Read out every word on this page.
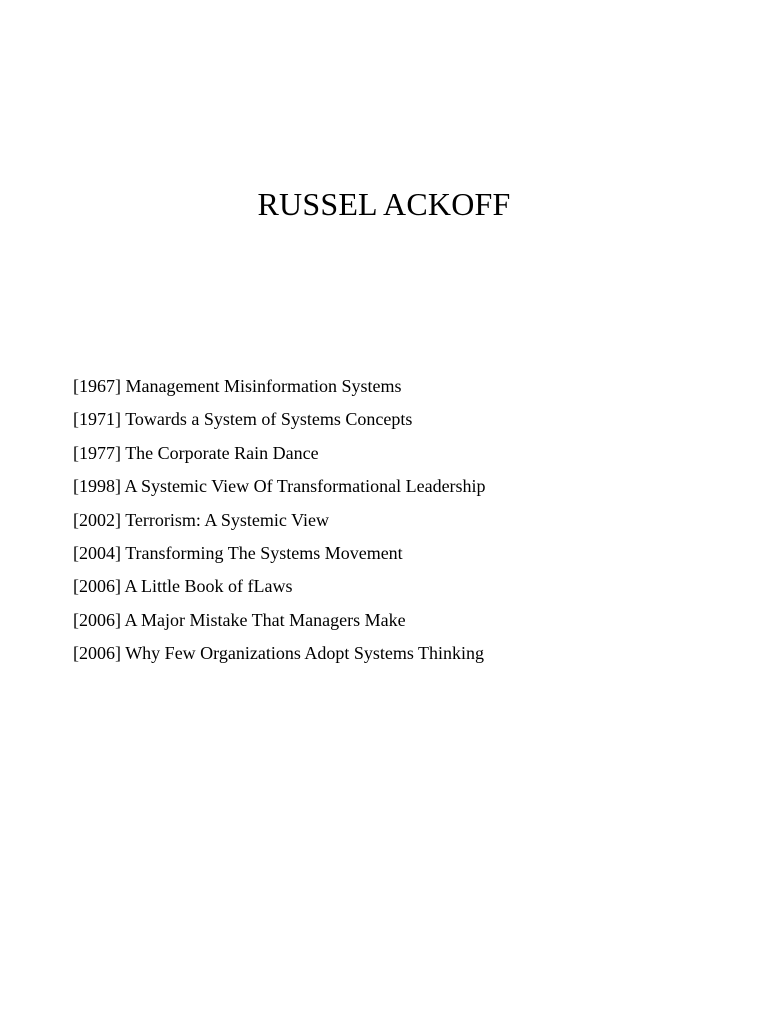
RUSSEL ACKOFF
[1967] Management Misinformation Systems
[1971] Towards a System of Systems Concepts
[1977] The Corporate Rain Dance
[1998] A Systemic View Of Transformational Leadership
[2002] Terrorism: A Systemic View
[2004] Transforming The Systems Movement
[2006] A Little Book of fLaws
[2006] A Major Mistake That Managers Make
[2006] Why Few Organizations Adopt Systems Thinking
